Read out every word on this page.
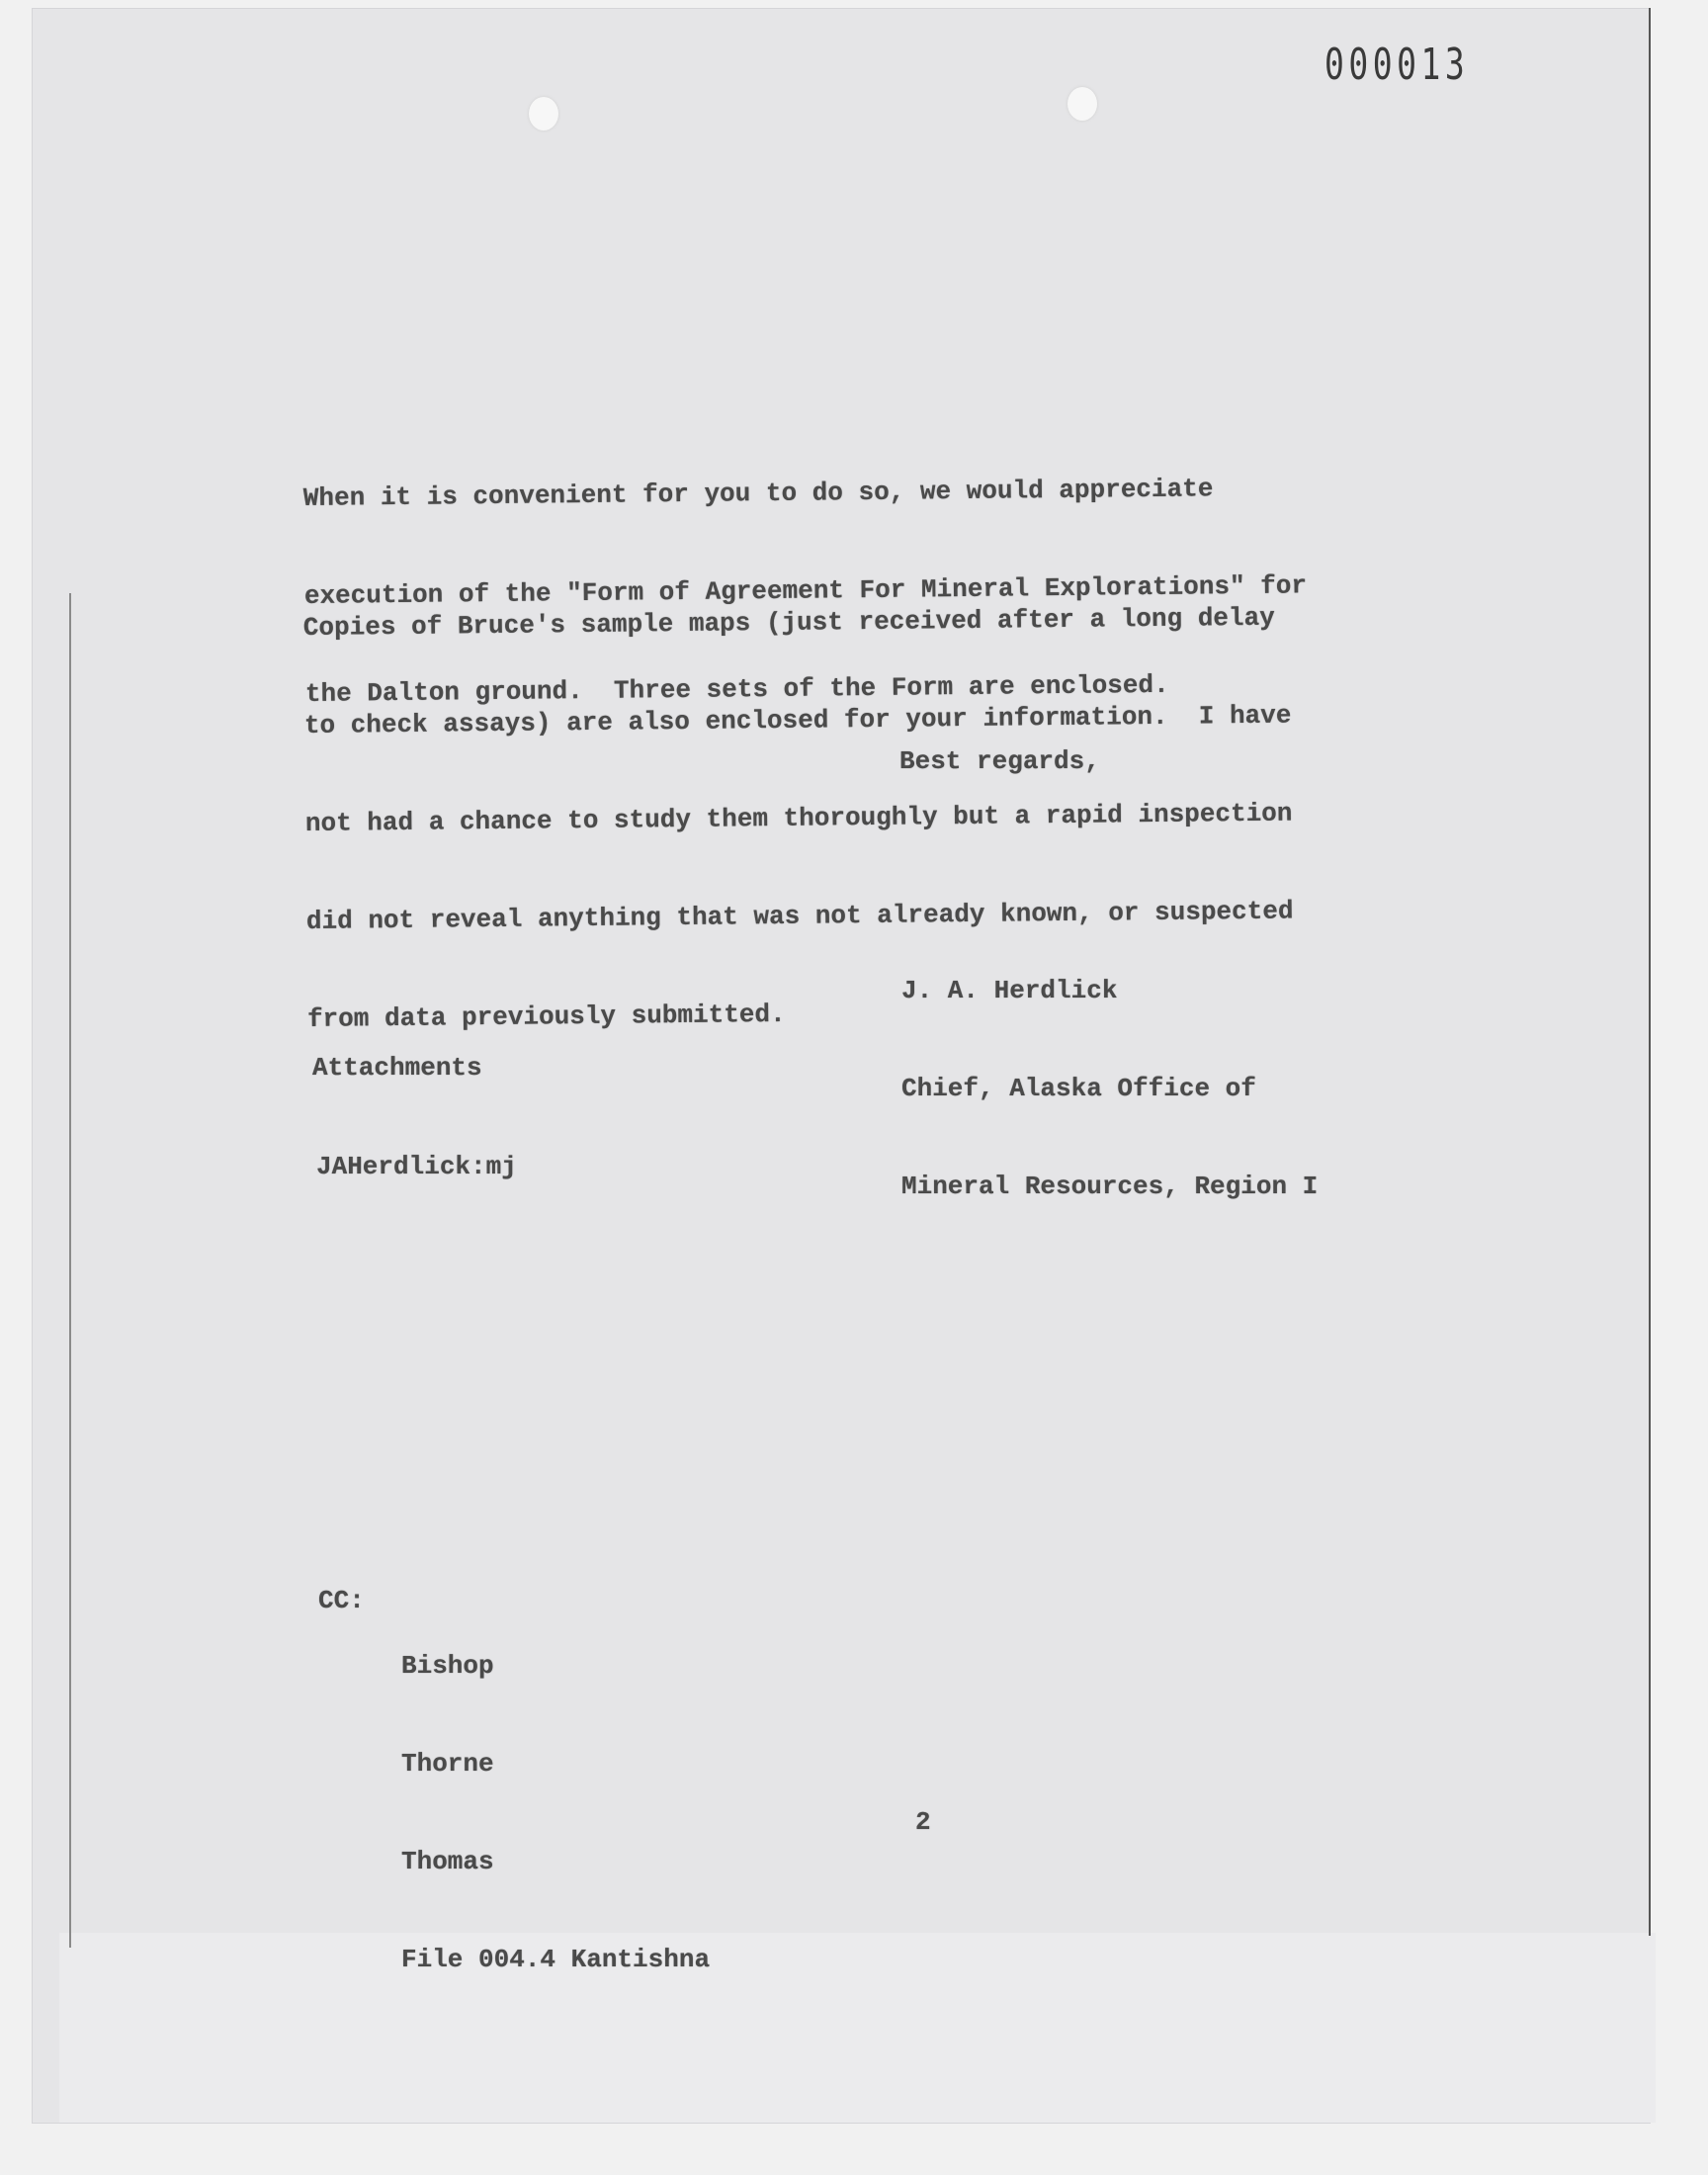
000013

When it is convenient for you to do so, we would appreciate

execution of the "Form of Agreement For Mineral Explorations" for

the Dalton ground.  Three sets of the Form are enclosed.

Copies of Bruce's sample maps (just received after a long delay

to check assays) are also enclosed for your information.  I have

not had a chance to study them thoroughly but a rapid inspection

did not reveal anything that was not already known, or suspected

from data previously submitted.

Best regards,

J. A. Herdlick

Chief, Alaska Office of

Mineral Resources, Region I

Attachments
JAHerdlick:mj
CC:

Bishop

Thorne

Thomas

File 004.4 Kantishna

2
